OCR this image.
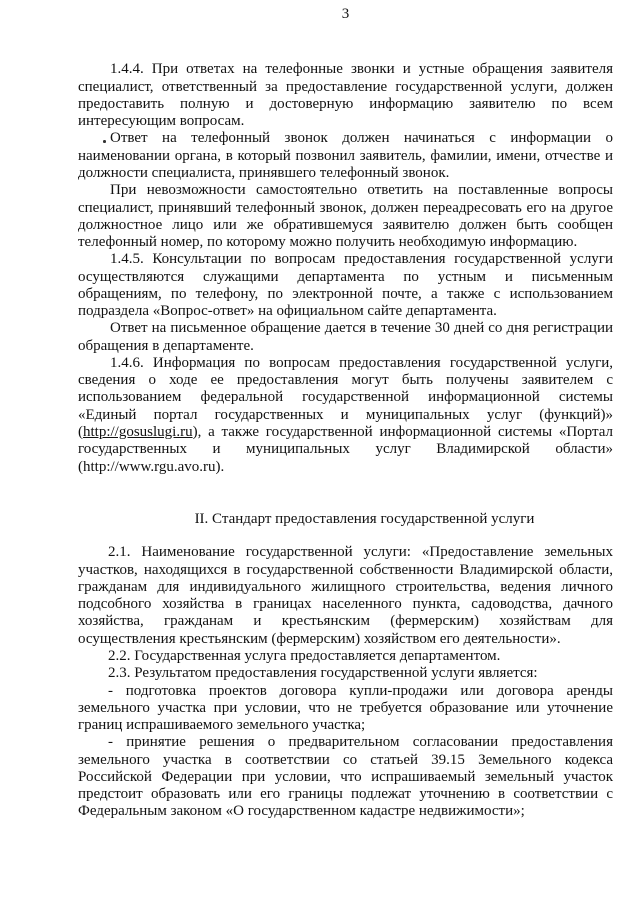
3
1.4.4. При ответах на телефонные звонки и устные обращения заявителя
специалист, ответственный за предоставление государственной услуги, должен
предоставить полную и достоверную информацию заявителю по всем
интересующим вопросам.
Ответ на телефонный звонок должен начинаться с информации о
наименовании органа, в который позвонил заявитель, фамилии, имени, отчестве и
должности специалиста, принявшего телефонный звонок.
При невозможности самостоятельно ответить на поставленные вопросы
специалист, принявший телефонный звонок, должен переадресовать его на другое
должностное лицо или же обратившемуся заявителю должен быть сообщен
телефонный номер, по которому можно получить необходимую информацию.
1.4.5. Консультации по вопросам предоставления государственной услуги
осуществляются служащими департамента по устным и письменным
обращениям, по телефону, по электронной почте, а также с использованием
подраздела «Вопрос-ответ» на официальном сайте департамента.
Ответ на письменное обращение дается в течение 30 дней со дня регистрации
обращения в департаменте.
1.4.6. Информация по вопросам предоставления государственной услуги,
сведения о ходе ее предоставления могут быть получены заявителем с
использованием федеральной государственной информационной системы
«Единый портал государственных и муниципальных услуг (функций)»
(http://gosuslugi.ru), а также государственной информационной системы «Портал
государственных и муниципальных услуг Владимирской области»
(http://www.rgu.avo.ru).
II. Стандарт предоставления государственной услуги
2.1. Наименование государственной услуги: «Предоставление земельных
участков, находящихся в государственной собственности Владимирской области,
гражданам для индивидуального жилищного строительства, ведения личного
подсобного хозяйства в границах населенного пункта, садоводства, дачного
хозяйства, гражданам и крестьянским (фермерским) хозяйствам для
осуществления крестьянским (фермерским) хозяйством его деятельности».
2.2. Государственная услуга предоставляется департаментом.
2.3. Результатом предоставления государственной услуги является:
- подготовка проектов договора купли-продажи или договора аренды
земельного участка при условии, что не требуется образование или уточнение
границ испрашиваемого земельного участка;
- принятие решения о предварительном согласовании предоставления
земельного участка в соответствии со статьей 39.15 Земельного кодекса
Российской Федерации при условии, что испрашиваемый земельный участок
предстоит образовать или его границы подлежат уточнению в соответствии с
Федеральным законом «О государственном кадастре недвижимости»;
